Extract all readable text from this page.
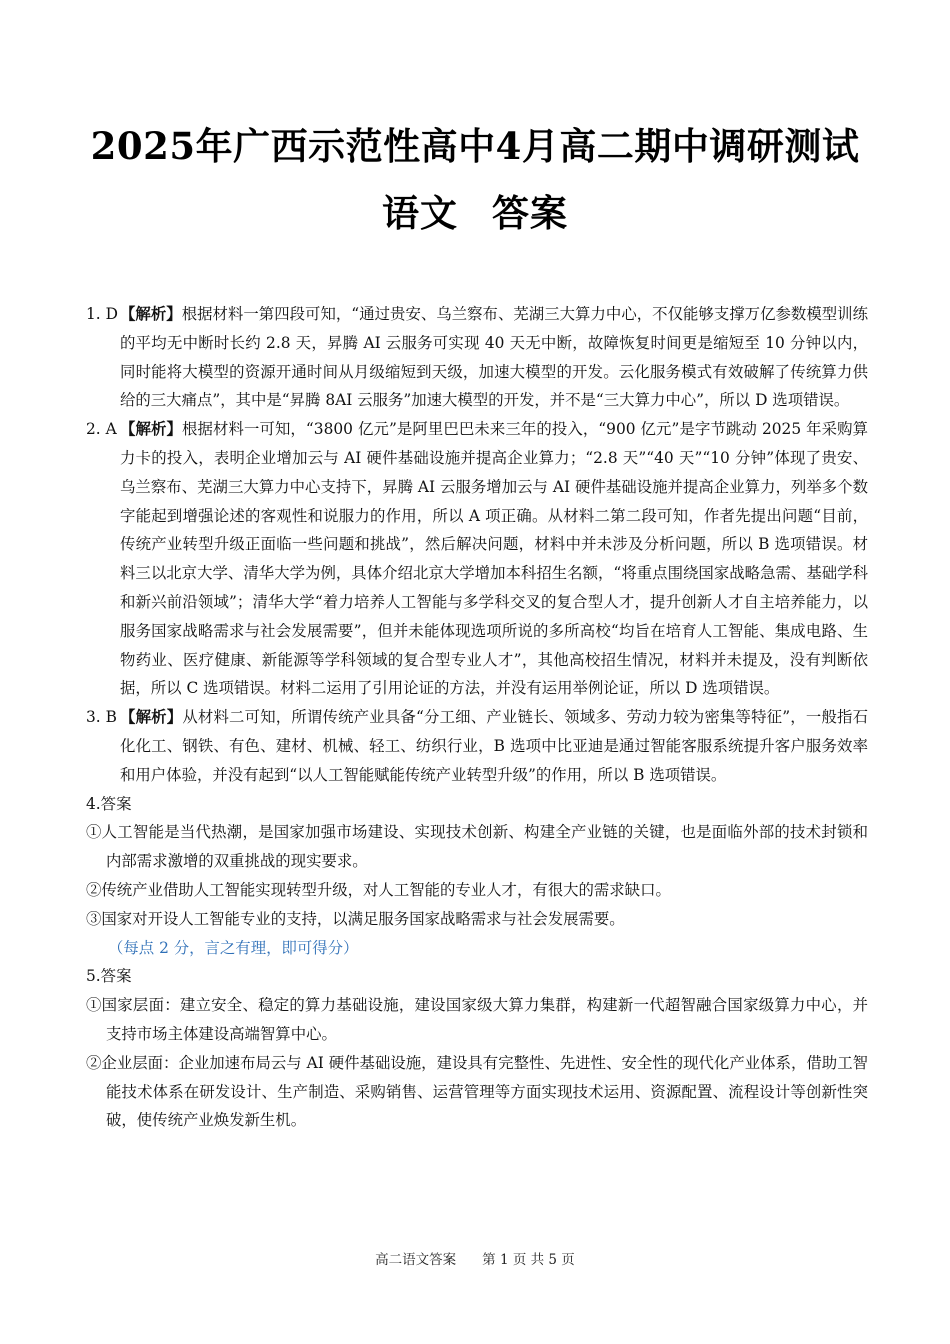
2025年广西示范性高中4月高二期中调研测试
语文 答案
1. D 【解析】根据材料一第四段可知，“通过贵安、乌兰察布、芜湖三大算力中心，不仅能够支撑万亿参数模型训练的平均无中断时长约 2.8 天，昇腾 AI 云服务可实现 40 天无中断，故障恢复时间更是缩短至 10 分钟以内，同时能将大模型的资源开通时间从月级缩短到天级，加速大模型的开发。云化服务模式有效破解了传统算力供给的三大痛点”，其中是“昇腾 8AI 云服务”加速大模型的开发，并不是“三大算力中心”，所以 D 选项错误。
2. A 【解析】根据材料一可知，“3800 亿元”是阿里巴巴未来三年的投入，“900 亿元”是字节跳动 2025 年采购算力卡的投入，表明企业增加云与 AI 硬件基础设施并提高企业算力；“2.8 天”“40 天”“10 分钟”体现了贵安、乌兰察布、芜湖三大算力中心支持下，昇腾 AI 云服务增加云与 AI 硬件基础设施并提高企业算力，列举多个数字能起到增强论述的客观性和说服力的作用，所以 A 项正确。从材料二第二段可知，作者先提出问题“目前，传统产业转型升级正面临一些问题和挑战”，然后解决问题，材料中并未涉及分析问题，所以 B 选项错误。材料三以北京大学、清华大学为例，具体介绍北京大学增加本科招生名额，“将重点围绕国家战略急需、基础学科和新兴前沿领域”；清华大学“着力培养人工智能与多学科交叉的复合型人才，提升创新人才自主培养能力，以服务国家战略需求与社会发展需要”，但并未能体现选项所说的多所高校“均旨在培育人工智能、集成电路、生物药业、医疗健康、新能源等学科领域的复合型专业人才”，其他高校招生情况，材料并未提及，没有判断依据，所以 C 选项错误。材料二运用了引用论证的方法，并没有运用举例论证，所以 D 选项错误。
3. B 【解析】从材料二可知，所谓传统产业具备“分工细、产业链长、领域多、劳动力较为密集等特征”，一般指石化化工、钢铁、有色、建材、机械、轻工、纺织行业，B 选项中比亚迪是通过智能客服系统提升客户服务效率和用户体验，并没有起到“以人工智能赋能传统产业转型升级”的作用，所以 B 选项错误。
4.答案
①人工智能是当代热潮，是国家加强市场建设、实现技术创新、构建全产业链的关键，也是面临外部的技术封锁和内部需求激增的双重挑战的现实要求。
②传统产业借助人工智能实现转型升级，对人工智能的专业人才，有很大的需求缺口。
③国家对开设人工智能专业的支持，以满足服务国家战略需求与社会发展需要。
（每点 2 分，言之有理，即可得分）
5.答案
①国家层面：建立安全、稳定的算力基础设施，建设国家级大算力集群，构建新一代超智融合国家级算力中心，并支持市场主体建设高端智算中心。
②企业层面：企业加速布局云与 AI 硬件基础设施，建设具有完整性、先进性、安全性的现代化产业体系，借助工智能技术体系在研发设计、生产制造、采购销售、运营管理等方面实现技术运用、资源配置、流程设计等创新性突破，使传统产业焕发新生机。
高二语文答案 第 1 页 共 5 页
